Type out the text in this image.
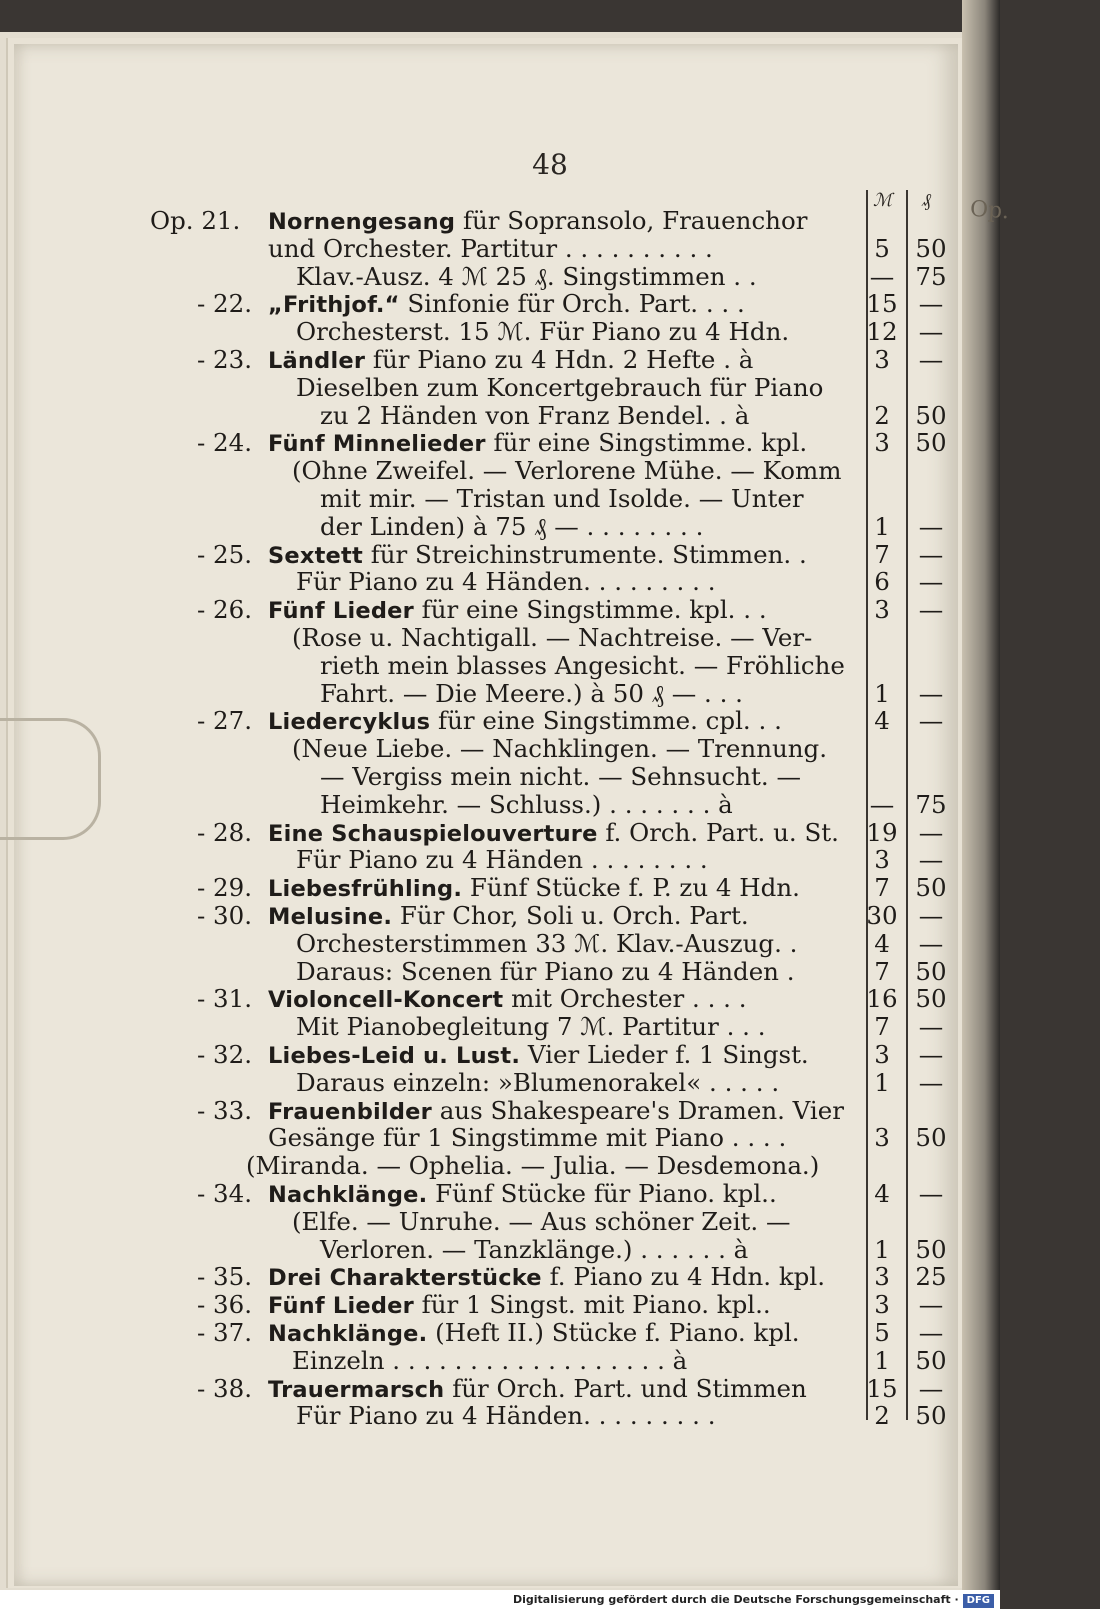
Op.
48
ℳ ₰
Op. 21.	Nornengesang für Sopransolo, Frauenchor
und Orchester. Partitur . . . . . . . . . .	5	50
Klav.-Ausz. 4 ℳ 25 ₰. Singstimmen . .	— 75
- 22. „Frithjof.“ Sinfonie für Orch. Part. . . .	15 —
Orchesterst. 15 ℳ. Für Piano zu 4 Hdn.	12 —
- 23. Ländler für Piano zu 4 Hdn. 2 Hefte . à	3	—
Dieselben zum Koncertgebrauch für Piano
zu 2 Händen von Franz Bendel. . à	2	50
- 24. Fünf Minnelieder für eine Singstimme. kpl.	3	50
(Ohne Zweifel. — Verlorene Mühe. — Komm
mit mir. — Tristan und Isolde. — Unter
der Linden) à 75 ₰ — . . . . . . . .	1	—
- 25. Sextett für Streichinstrumente. Stimmen. .	7	—
Für Piano zu 4 Händen. . . . . . . . .	6	—
- 26. Fünf Lieder für eine Singstimme. kpl. . .	3	—
(Rose u. Nachtigall. — Nachtreise. — Ver-
rieth mein blasses Angesicht. — Fröhliche
Fahrt. — Die Meere.) à 50 ₰ — . . .	1	—
- 27. Liedercyklus für eine Singstimme. cpl. . .	4	—
(Neue Liebe. — Nachklingen. — Trennung.
— Vergiss mein nicht. — Sehnsucht. —
Heimkehr. — Schluss.) . . . . . . . à	— 75
- 28. Eine Schauspielouverture f. Orch. Part. u. St.	19 —
Für Piano zu 4 Händen . . . . . . . .	3	—
- 29. Liebesfrühling. Fünf Stücke f. P. zu 4 Hdn.	7	50
- 30. Melusine. Für Chor, Soli u. Orch. Part.	30 —
Orchesterstimmen 33 ℳ. Klav.-Auszug. .	4	—
Daraus: Scenen für Piano zu 4 Händen .	7	50
- 31. Violoncell-Koncert mit Orchester . . . .	16 50
Mit Pianobegleitung 7 ℳ. Partitur . . .	7	—
- 32. Liebes-Leid u. Lust. Vier Lieder f. 1 Singst.	3	—
Daraus einzeln: »Blumenorakel« . . . . .	1	—
- 33. Frauenbilder aus Shakespeare's Dramen. Vier
Gesänge für 1 Singstimme mit Piano . . . .	3	50
(Miranda. — Ophelia. — Julia. — Desdemona.)
- 34. Nachklänge. Fünf Stücke für Piano. kpl..	4	—
(Elfe. — Unruhe. — Aus schöner Zeit. —
Verloren. — Tanzklänge.) . . . . . . à	1	50
- 35. Drei Charakterstücke f. Piano zu 4 Hdn. kpl.	3	25
- 36. Fünf Lieder für 1 Singst. mit Piano. kpl..	3	—
- 37. Nachklänge. (Heft II.) Stücke f. Piano. kpl.	5	—
Einzeln . . . . . . . . . . . . . . . . . . à	1	50
- 38. Trauermarsch für Orch. Part. und Stimmen	15 —
Für Piano zu 4 Händen. . . . . . . . .	2	50
Digitalisierung gefördert durch die Deutsche Forschungsgemeinschaft · DFG
